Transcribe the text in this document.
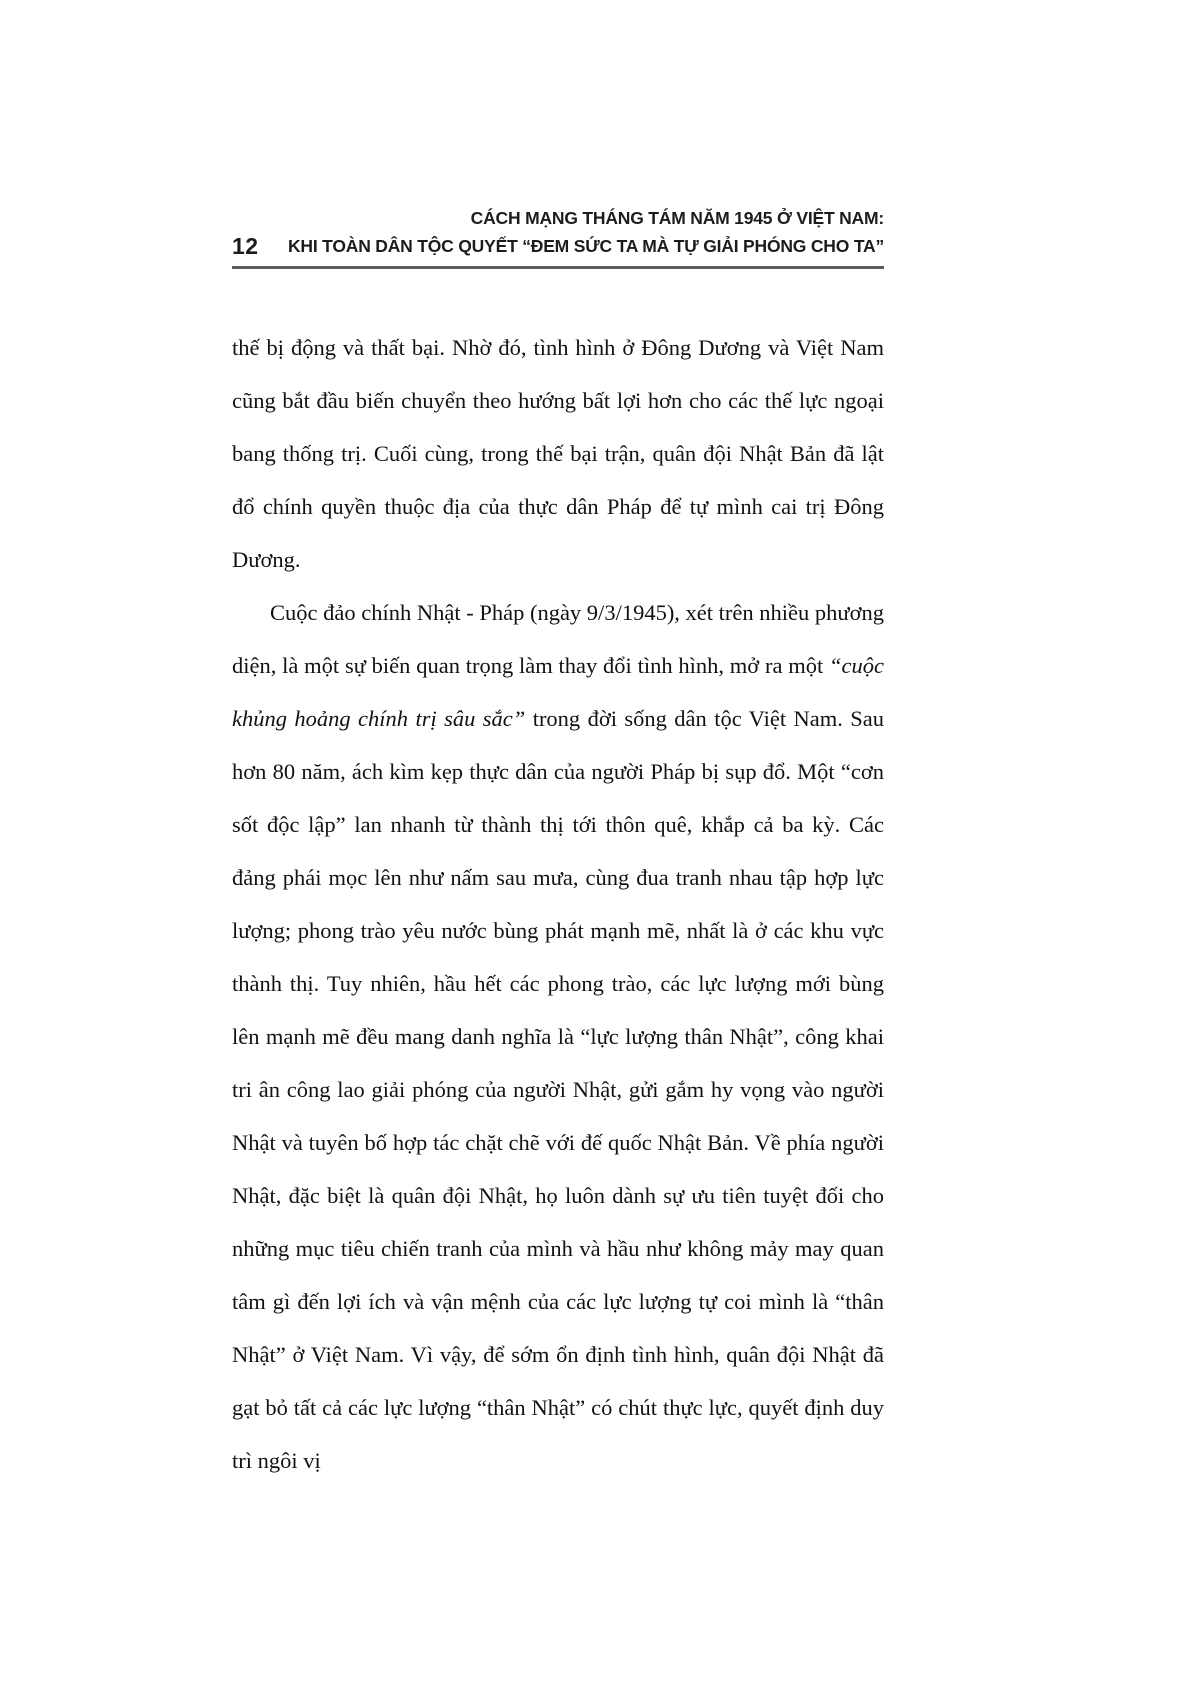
12
CÁCH MẠNG THÁNG TÁM NĂM 1945 Ở VIỆT NAM:
KHI TOÀN DÂN TỘC QUYẾT “ĐEM SỨC TA MÀ TỰ GIẢI PHÓNG CHO TA”

thế bị động và thất bại. Nhờ đó, tình hình ở Đông Dương và Việt Nam cũng bắt đầu biến chuyển theo hướng bất lợi hơn cho các thế lực ngoại bang thống trị. Cuối cùng, trong thế bại trận, quân đội Nhật Bản đã lật đổ chính quyền thuộc địa của thực dân Pháp để tự mình cai trị Đông Dương.

Cuộc đảo chính Nhật - Pháp (ngày 9/3/1945), xét trên nhiều phương diện, là một sự biến quan trọng làm thay đổi tình hình, mở ra một “cuộc khủng hoảng chính trị sâu sắc” trong đời sống dân tộc Việt Nam. Sau hơn 80 năm, ách kìm kẹp thực dân của người Pháp bị sụp đổ. Một “cơn sốt độc lập” lan nhanh từ thành thị tới thôn quê, khắp cả ba kỳ. Các đảng phái mọc lên như nấm sau mưa, cùng đua tranh nhau tập hợp lực lượng; phong trào yêu nước bùng phát mạnh mẽ, nhất là ở các khu vực thành thị. Tuy nhiên, hầu hết các phong trào, các lực lượng mới bùng lên mạnh mẽ đều mang danh nghĩa là “lực lượng thân Nhật”, công khai tri ân công lao giải phóng của người Nhật, gửi gắm hy vọng vào người Nhật và tuyên bố hợp tác chặt chẽ với đế quốc Nhật Bản. Về phía người Nhật, đặc biệt là quân đội Nhật, họ luôn dành sự ưu tiên tuyệt đối cho những mục tiêu chiến tranh của mình và hầu như không mảy may quan tâm gì đến lợi ích và vận mệnh của các lực lượng tự coi mình là “thân Nhật” ở Việt Nam. Vì vậy, để sớm ổn định tình hình, quân đội Nhật đã gạt bỏ tất cả các lực lượng “thân Nhật” có chút thực lực, quyết định duy trì ngôi vị
